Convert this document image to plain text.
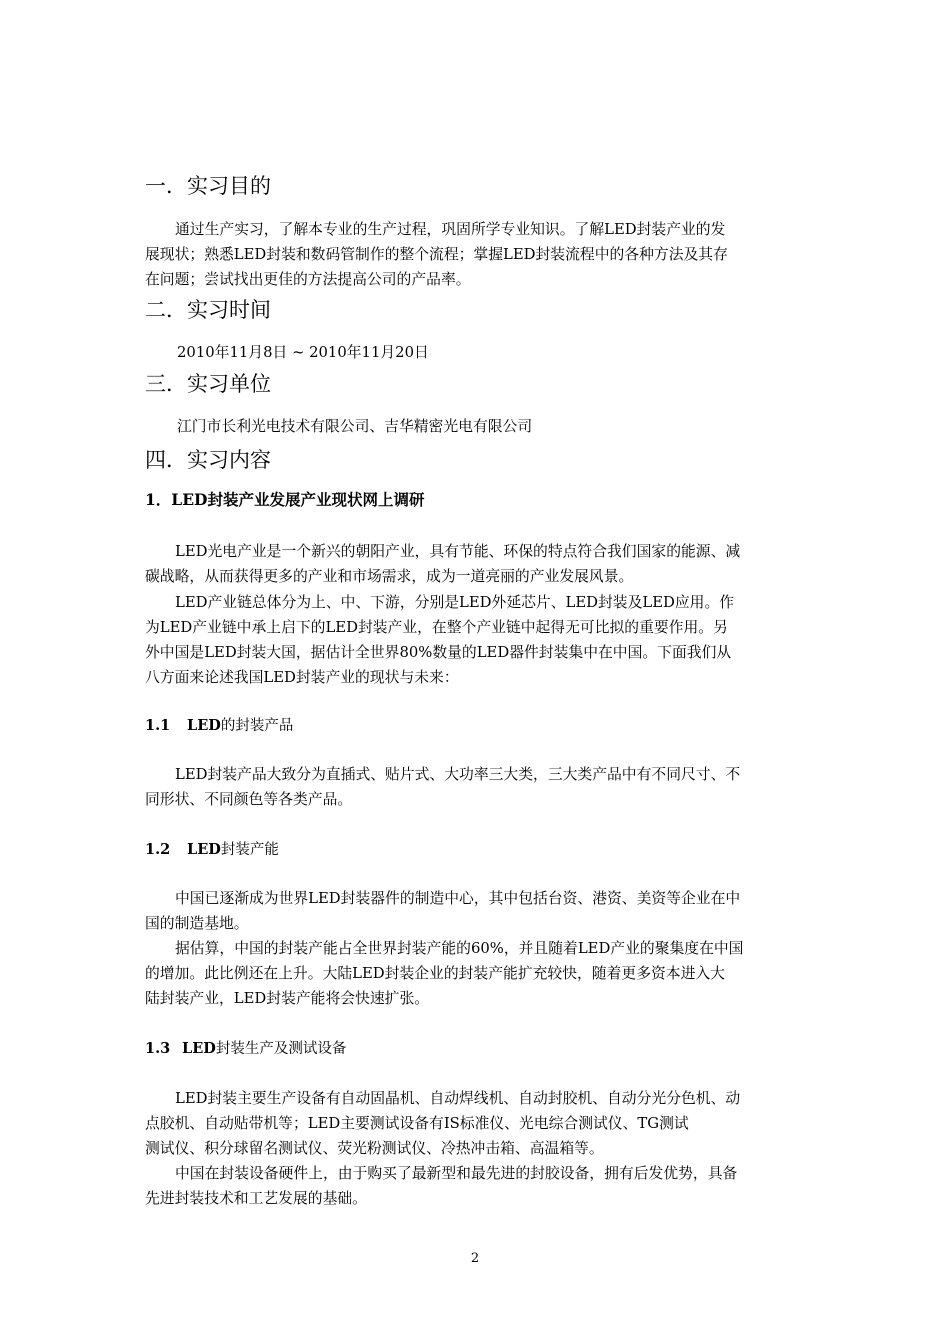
一．实习目的
通过生产实习，了解本专业的生产过程，巩固所学专业知识。了解LED封装产业的发
展现状；熟悉LED封装和数码管制作的整个流程；掌握LED封装流程中的各种方法及其存
在问题；尝试找出更佳的方法提高公司的产品率。
二．实习时间
2010年11月8日 ~ 2010年11月20日
三．实习单位
江门市长利光电技术有限公司、吉华精密光电有限公司
四．实习内容
1．LED封装产业发展产业现状网上调研
LED光电产业是一个新兴的朝阳产业，具有节能、环保的特点符合我们国家的能源、减
碳战略，从而获得更多的产业和市场需求，成为一道亮丽的产业发展风景。
LED产业链总体分为上、中、下游，分别是LED外延芯片、LED封装及LED应用。作
为LED产业链中承上启下的LED封装产业，在整个产业链中起得无可比拟的重要作用。另
外中国是LED封装大国，据估计全世界80%数量的LED器件封装集中在中国。下面我们从
八方面来论述我国LED封装产业的现状与未来：
1.1 LED的封装产品
LED封装产品大致分为直插式、贴片式、大功率三大类，三大类产品中有不同尺寸、不
同形状、不同颜色等各类产品。
1.2 LED封装产能
中国已逐渐成为世界LED封装器件的制造中心，其中包括台资、港资、美资等企业在中
国的制造基地。
据估算，中国的封装产能占全世界封装产能的60%，并且随着LED产业的聚集度在中国
的增加。此比例还在上升。大陆LED封装企业的封装产能扩充较快，随着更多资本进入大
陆封装产业，LED封装产能将会快速扩张。
1.3 LED封装生产及测试设备
LED封装主要生产设备有自动固晶机、自动焊线机、自动封胶机、自动分光分色机、动
点胶机、自动贴带机等；LED主要测试设备有IS标准仪、光电综合测试仪、TG测试
测试仪、积分球留名测试仪、荧光粉测试仪、冷热冲击箱、高温箱等。
中国在封装设备硬件上，由于购买了最新型和最先进的封胶设备，拥有后发优势，具备
先进封装技术和工艺发展的基础。
2
